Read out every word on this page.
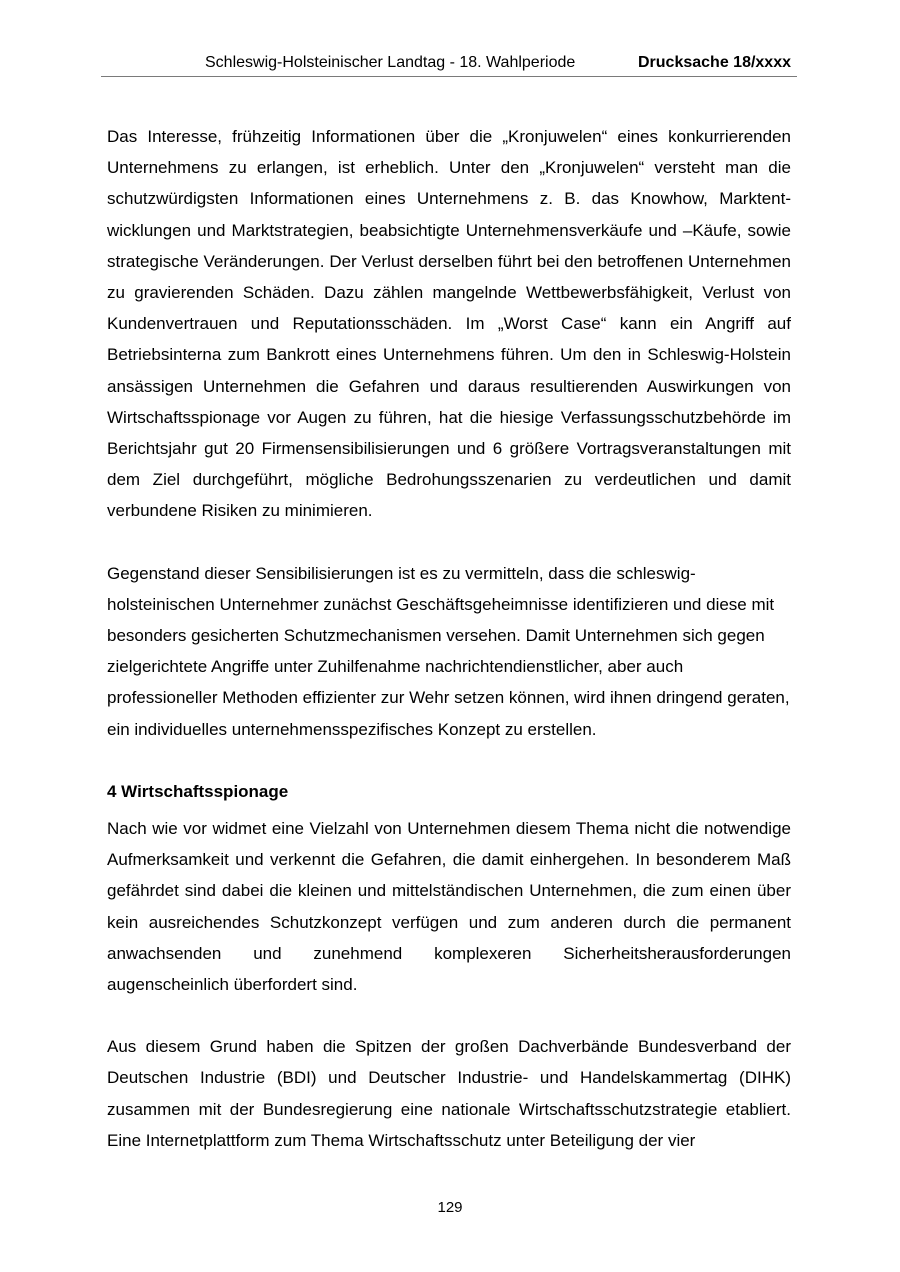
Schleswig-Holsteinischer Landtag - 18. Wahlperiode	Drucksache 18/xxxx

Das Interesse, frühzeitig Informationen über die „Kronjuwelen“ eines konkurrierenden Unternehmens zu erlangen, ist erheblich. Unter den „Kronjuwelen“ versteht man die schutzwürdigsten Informationen eines Unternehmens z. B. das Knowhow, Marktentwicklungen und Marktstrategien, beabsichtigte Unternehmensverkäufe und –Käufe, sowie strategische Veränderungen. Der Verlust derselben führt bei den betroffenen Unternehmen zu gravierenden Schäden. Dazu zählen mangelnde Wettbewerbsfähigkeit, Verlust von Kundenvertrauen und Reputationsschäden. Im „Worst Case“ kann ein Angriff auf Betriebsinterna zum Bankrott eines Unternehmens führen. Um den in Schleswig-Holstein ansässigen Unternehmen die Gefahren und daraus resultierenden Auswirkungen von Wirtschaftsspionage vor Augen zu führen, hat die hiesige Verfassungsschutzbehörde im Berichtsjahr gut 20 Firmensensibilisierungen und 6 größere Vortragsveranstaltungen mit dem Ziel durchgeführt, mögliche Bedrohungsszenarien zu verdeutlichen und damit verbundene Risiken zu minimieren.

Gegenstand dieser Sensibilisierungen ist es zu vermitteln, dass die schleswig-holsteinischen Unternehmer zunächst Geschäftsgeheimnisse identifizieren und diese mit besonders gesicherten Schutzmechanismen versehen. Damit Unternehmen sich gegen zielgerichtete Angriffe unter Zuhilfenahme nachrichtendienstlicher, aber auch professioneller Methoden effizienter zur Wehr setzen können, wird ihnen dringend geraten, ein individuelles unternehmensspezifisches Konzept zu erstellen.

4 Wirtschaftsspionage

Nach wie vor widmet eine Vielzahl von Unternehmen diesem Thema nicht die notwendige Aufmerksamkeit und verkennt die Gefahren, die damit einhergehen. In besonderem Maß gefährdet sind dabei die kleinen und mittelständischen Unternehmen, die zum einen über kein ausreichendes Schutzkonzept verfügen und zum anderen durch die permanent anwachsenden und zunehmend komplexeren Sicherheitsherausforderungen augenscheinlich überfordert sind.

Aus diesem Grund haben die Spitzen der großen Dachverbände Bundesverband der Deutschen Industrie (BDI) und Deutscher Industrie- und Handelskammertag (DIHK) zusammen mit der Bundesregierung eine nationale Wirtschaftsschutzstrategie etabliert. Eine Internetplattform zum Thema Wirtschaftsschutz unter Beteiligung der vier

129
